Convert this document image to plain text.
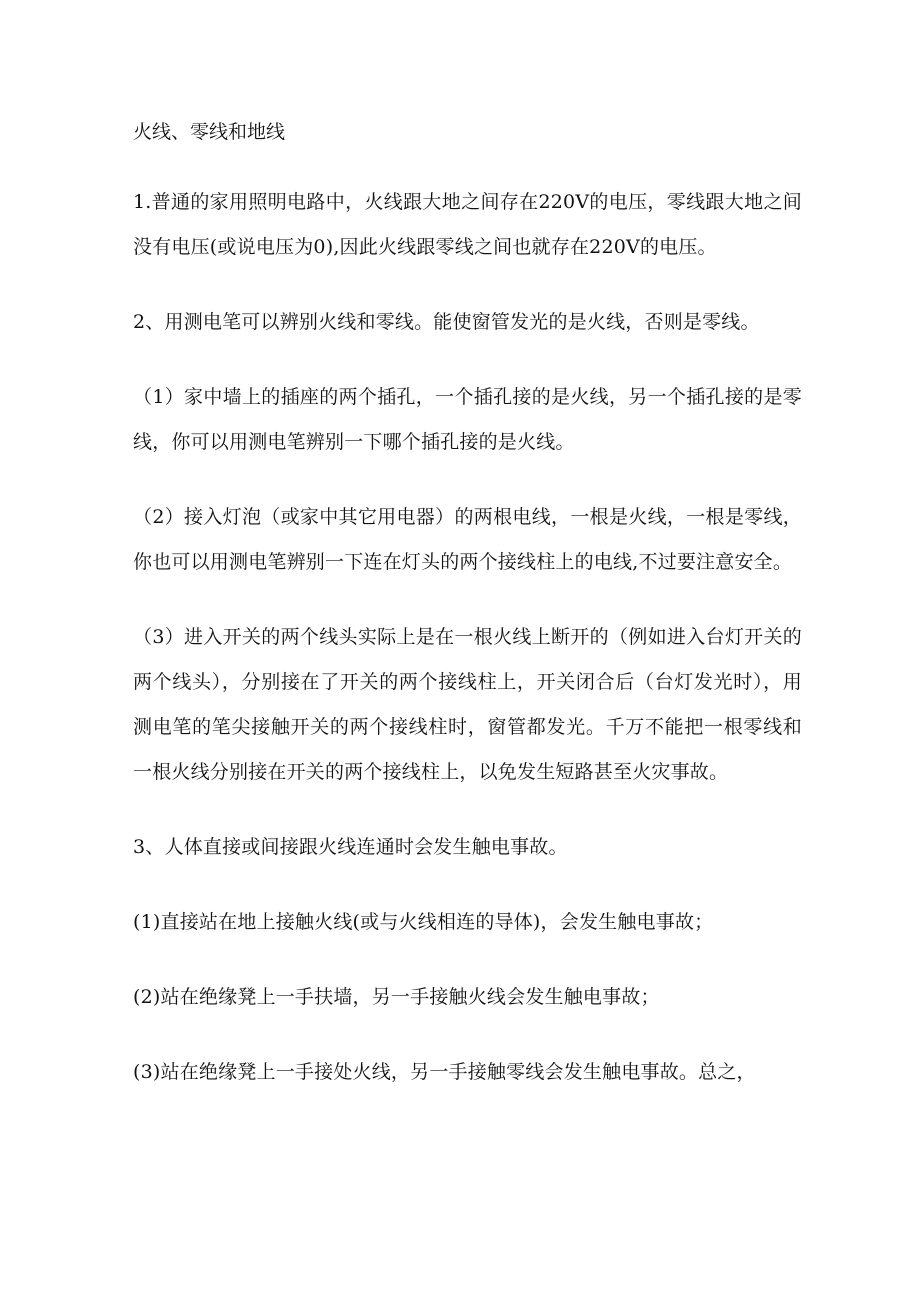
火线、零线和地线

1.普通的家用照明电路中，火线跟大地之间存在220V的电压，零线跟大地之间没有电压(或说电压为0),因此火线跟零线之间也就存在220V的电压。

2、用测电笔可以辨别火线和零线。能使窗管发光的是火线，否则是零线。

（1）家中墙上的插座的两个插孔，一个插孔接的是火线，另一个插孔接的是零线，你可以用测电笔辨别一下哪个插孔接的是火线。

（2）接入灯泡（或家中其它用电器）的两根电线，一根是火线，一根是零线，你也可以用测电笔辨别一下连在灯头的两个接线柱上的电线,不过要注意安全。

（3）进入开关的两个线头实际上是在一根火线上断开的（例如进入台灯开关的两个线头），分别接在了开关的两个接线柱上，开关闭合后（台灯发光时），用测电笔的笔尖接触开关的两个接线柱时，窗管都发光。千万不能把一根零线和一根火线分别接在开关的两个接线柱上，以免发生短路甚至火灾事故。

3、人体直接或间接跟火线连通时会发生触电事故。

(1)直接站在地上接触火线(或与火线相连的导体)，会发生触电事故；

(2)站在绝缘凳上一手扶墙，另一手接触火线会发生触电事故；

(3)站在绝缘凳上一手接处火线，另一手接触零线会发生触电事故。总之，
